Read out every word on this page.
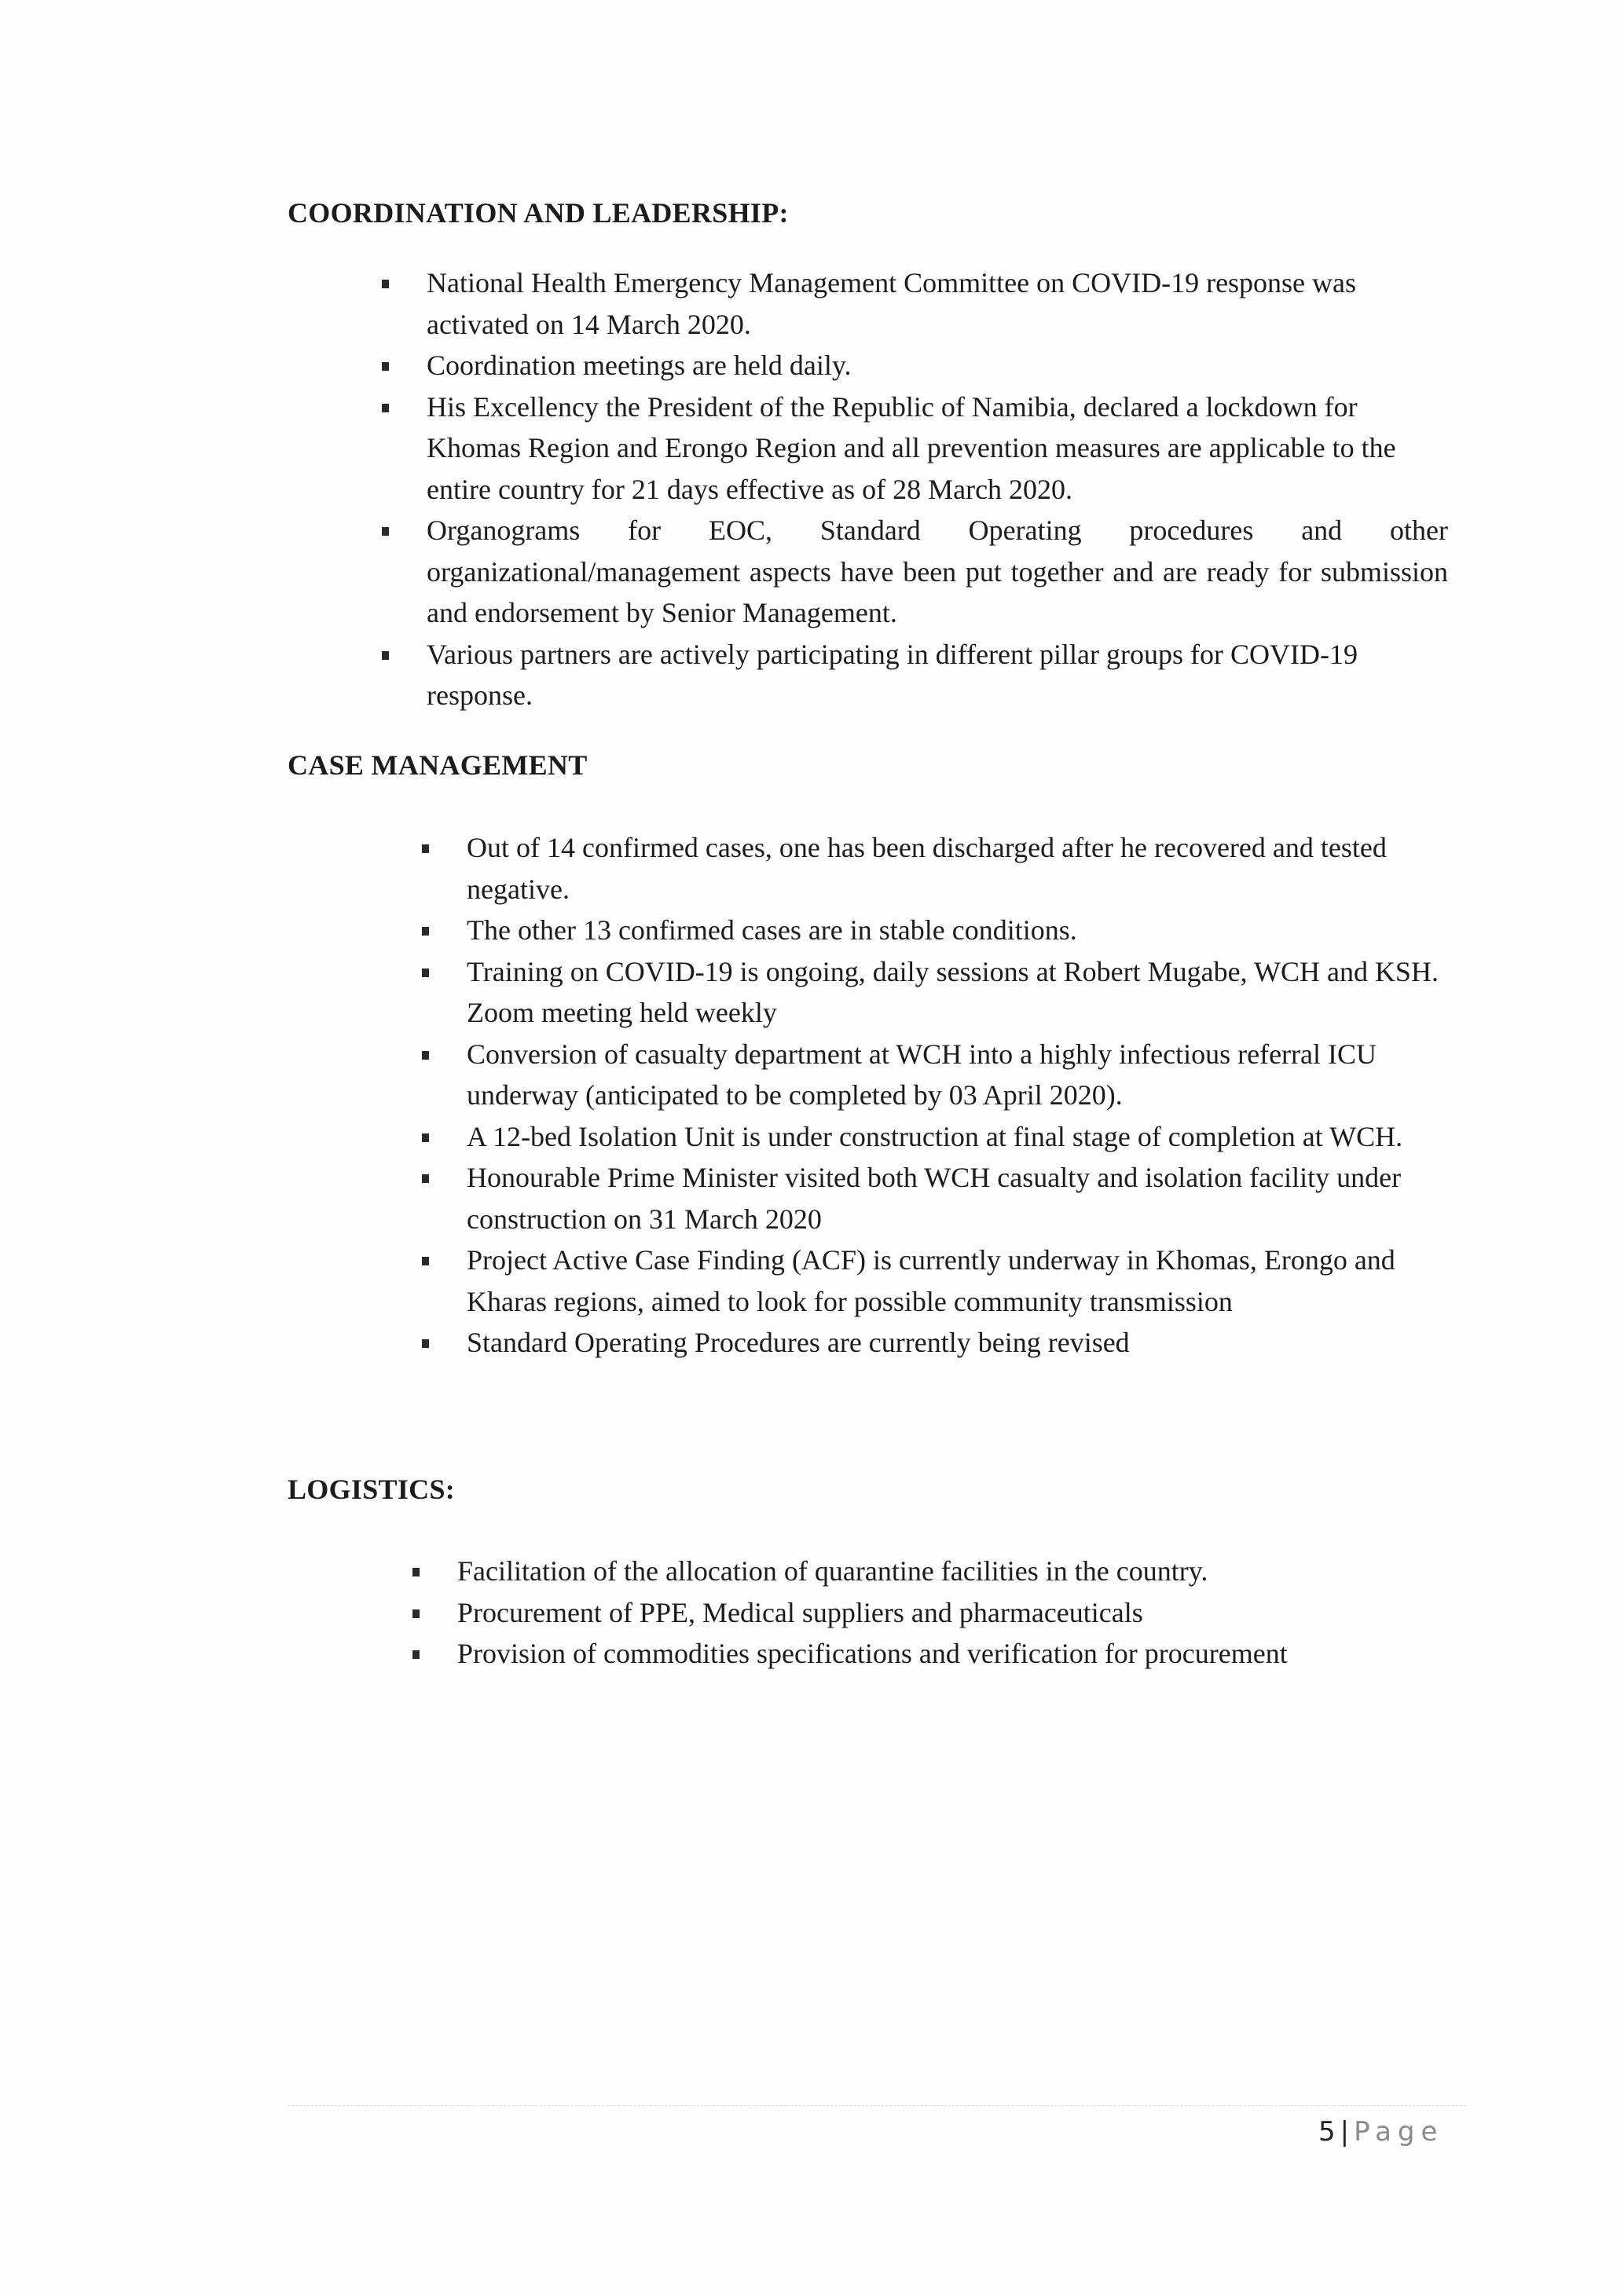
COORDINATION AND LEADERSHIP:
National Health Emergency Management Committee on COVID-19 response was activated on 14 March 2020.
Coordination meetings are held daily.
His Excellency the President of the Republic of Namibia, declared a lockdown for Khomas Region and Erongo Region and all prevention measures are applicable to the entire country for 21 days effective as of 28 March 2020.
Organograms for EOC, Standard Operating procedures and other organizational/management aspects have been put together and are ready for submission and endorsement by Senior Management.
Various partners are actively participating in different pillar groups for COVID-19 response.
CASE MANAGEMENT
Out of 14 confirmed cases, one has been discharged after he recovered and tested negative.
The other 13 confirmed cases are in stable conditions.
Training on COVID-19 is ongoing, daily sessions at Robert Mugabe, WCH and KSH. Zoom meeting held weekly
Conversion of casualty department at WCH into a highly infectious referral ICU underway (anticipated to be completed by 03 April 2020).
A 12-bed Isolation Unit is under construction at final stage of completion at WCH.
Honourable Prime Minister visited both WCH casualty and isolation facility under construction on 31 March 2020
Project Active Case Finding (ACF) is currently underway in Khomas, Erongo and Kharas regions, aimed to look for possible community transmission
Standard Operating Procedures are currently being revised
LOGISTICS:
Facilitation of the allocation of quarantine facilities in the country.
Procurement of PPE, Medical suppliers and pharmaceuticals
Provision of commodities specifications and verification for procurement
5 | Page
